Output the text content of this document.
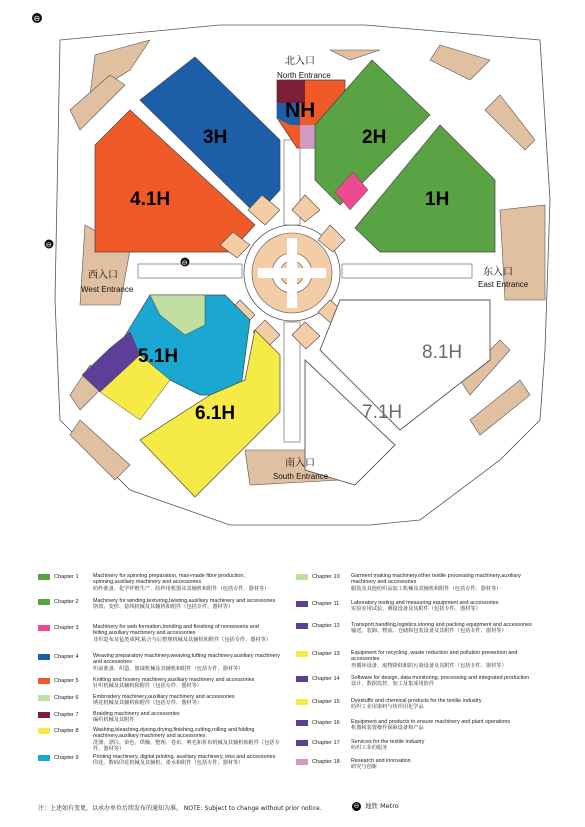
NH
3H	2H
4.1H	1H
5.1H
6.1H
8.1H
7.1H
北入口
North Entrance
西入口
West Entrance
东入口
East Entrance
南入口
South Entrance
⊖
⊖
⊖
Chapter 1	Machinery for spinning preparation, man-made fibre production, spinning,auxiliary machinery and accessories
纺纱准备、化学纤维生产、纺纱用机器及其辅机和附件（包括专件、器材等）
Chapter 2	Machinery for winding,texturing,twisting,auxiliary machinery and accessories
络筒、变形、捻线机械及其辅机和附件（包括专件、器材等）
Chapter 3	Machinery for web formation,bonding and finishing of nonwovens and felting,auxiliary machinery and accessories
非织造布及毡类成网,粘合与后整理机械及其辅机和附件（包括专件、器材等）
Chapter 4	Weaving preparatory machinery,weaving,tufting machinery,auxiliary machinery and accessories
织前准备、织造、簇绒机械及其辅机和附件（包括专件、器材等）
Chapter 5	Knitting and hosiery machinery,auxiliary machinery and accessories
针织机械及其辅机和附件（包括专件、器材等）
Chapter 6	Embroidery machinery,auxiliary machinery and accessories
绣花机械及其辅机和附件（包括专件、器材等）
Chapter 7	Braiding machinery and accessories
编织机械及其附件
Chapter 8	Washing,bleaching,dyeing,drying,finishing,cutting,rolling and folding machinery,auxiliary machinery and accessories
洗涤、漂白、染色、烘燥、整理、卷布、剪毛和折布机械及其辅机和附件（包括专件、器材等）
Chapter 9	Printing machinery, digital printing, auxiliary machinery, inks and accessories
印花、数码印花机械及其辅机、墨水和附件（包括专件、器材等）
Chapter 10	Garment making machinery,other textile processing machinery,auxiliary machinery and accessories
服装及其他纺织品加工机械及其辅机和附件（包括专件、器材等）
Chapter 11	Laboratory testing and measuring equipment and accessories
实验室用试验、测量设备及其附件（包括专件、器材等）
Chapter 12	Transport,handling,logistics,storing and packing equipment and accessories
输送、装卸、物流、仓储和包装设备及其附件（包括专件、器材等）
Chapter 13	Equipment for recycling, waste reduction and pollution prevention and accessories
再循环设备、废物降低和防污染设备及其附件（包括专件、器材等）
Chapter 14	Software for design, data monitoring, processing and integrated production
设计、数据监控、加工及集成用软件
Chapter 15	Dyestuffs and chemical products for the textile industry
纺织工业用染料与纺织用化学品
Chapter 16	Equipment and products to ensure machinery and plant operations
机器和装置操作保障设备和产品
Chapter 17	Services for the textile industry
纺织工业的服务
Chapter 18	Research and innovation
研究与创新
注：上述如有变更，以承办单位后续发布的通知为准。 NOTE: Subject to change without prior notice.	⊖ 地铁 Metro
